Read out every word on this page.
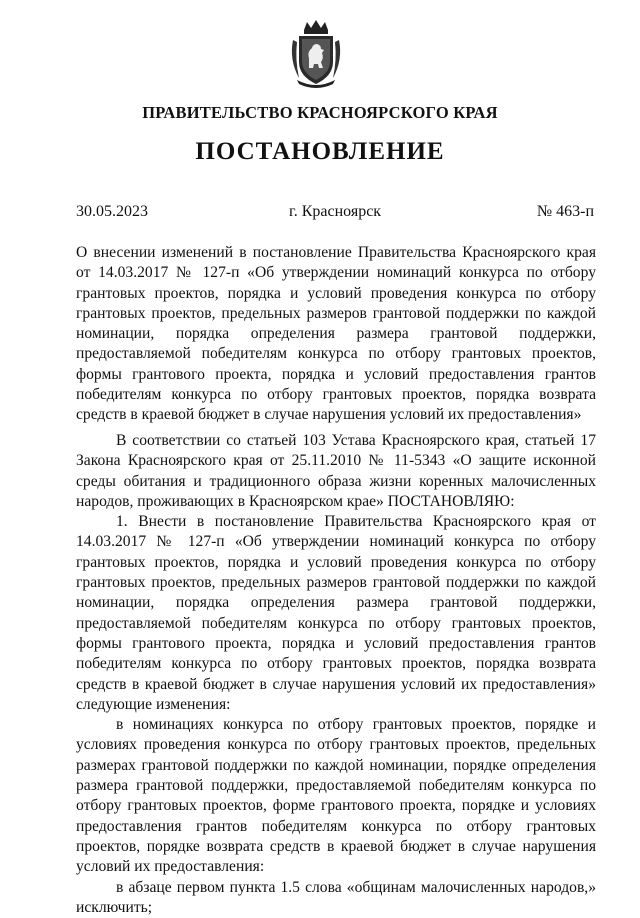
ПРАВИТЕЛЬСТВО КРАСНОЯРСКОГО КРАЯ
ПОСТАНОВЛЕНИЕ
30.05.2023	г. Красноярск	№ 463-п

О внесении изменений в постановление Правительства Красноярского края от 14.03.2017 № 127-п «Об утверждении номинаций конкурса по отбору грантовых проектов, порядка и условий проведения конкурса по отбору грантовых проектов, предельных размеров грантовой поддержки по каждой номинации, порядка определения размера грантовой поддержки, предоставляемой победителям конкурса по отбору грантовых проектов, формы грантового проекта, порядка и условий предоставления грантов победителям конкурса по отбору грантовых проектов, порядка возврата средств в краевой бюджет в случае нарушения условий их предоставления»

В соответствии со статьей 103 Устава Красноярского края, статьей 17 Закона Красноярского края от 25.11.2010 № 11-5343 «О защите исконной среды обитания и традиционного образа жизни коренных малочисленных народов, проживающих в Красноярском крае» ПОСТАНОВЛЯЮ:

1. Внести в постановление Правительства Красноярского края от 14.03.2017 № 127-п «Об утверждении номинаций конкурса по отбору грантовых проектов, порядка и условий проведения конкурса по отбору грантовых проектов, предельных размеров грантовой поддержки по каждой номинации, порядка определения размера грантовой поддержки, предоставляемой победителям конкурса по отбору грантовых проектов, формы грантового проекта, порядка и условий предоставления грантов победителям конкурса по отбору грантовых проектов, порядка возврата средств в краевой бюджет в случае нарушения условий их предоставления» следующие изменения:

в номинациях конкурса по отбору грантовых проектов, порядке и условиях проведения конкурса по отбору грантовых проектов, предельных размерах грантовой поддержки по каждой номинации, порядке определения размера грантовой поддержки, предоставляемой победителям конкурса по отбору грантовых проектов, форме грантового проекта, порядке и условиях предоставления грантов победителям конкурса по отбору грантовых проектов, порядке возврата средств в краевой бюджет в случае нарушения условий их предоставления:

в абзаце первом пункта 1.5 слова «общинам малочисленных народов,» исключить;
